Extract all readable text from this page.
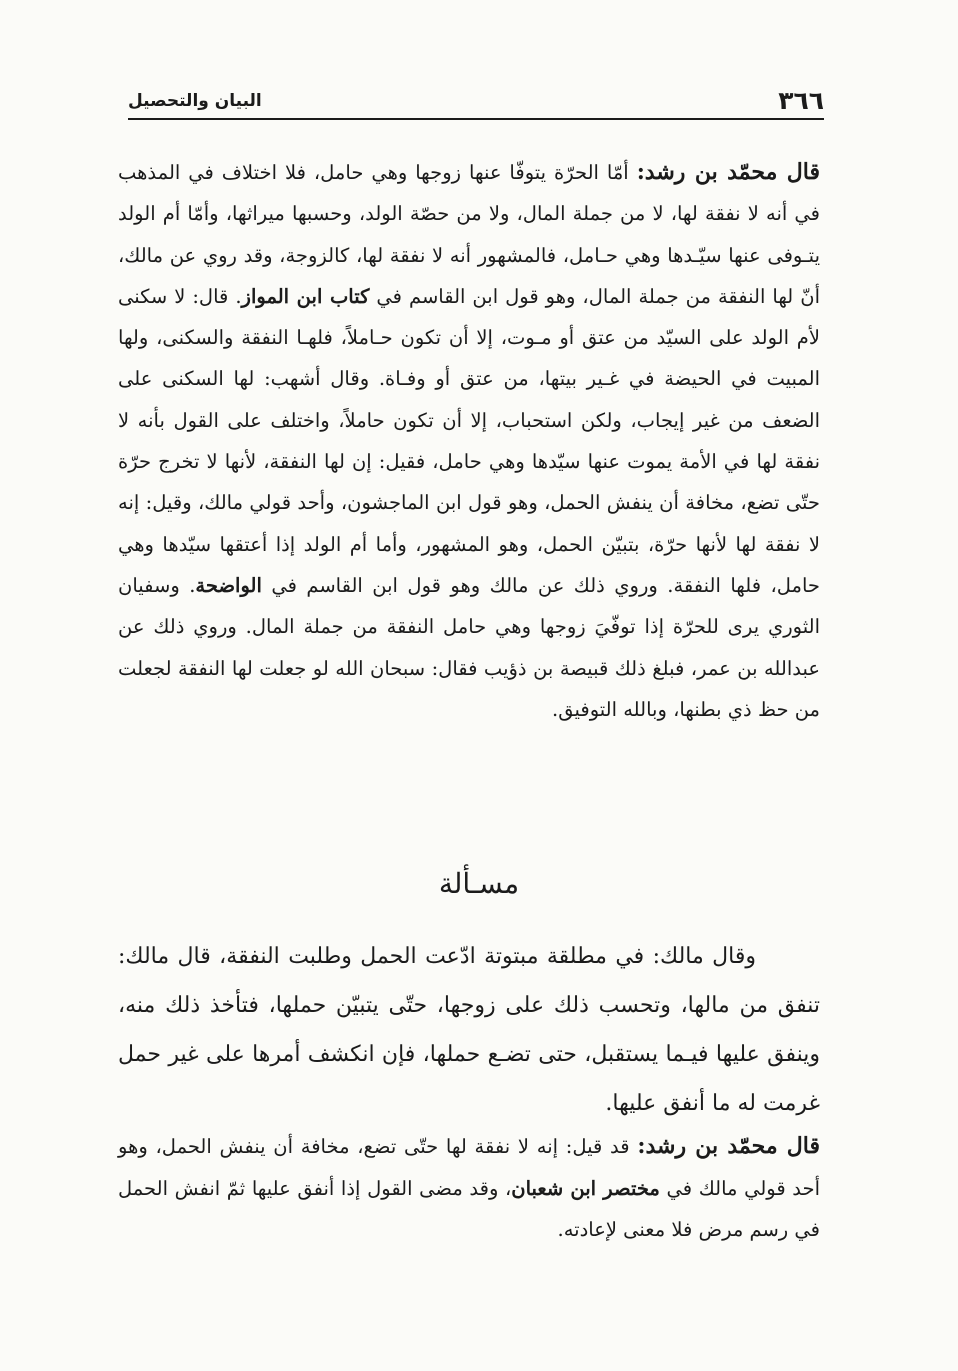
٣٦٦
البيان والتحصيل

قال محمّد بن رشد: أمّا الحرّة يتوفّا عنها زوجها وهي حامل، فلا اختلاف في المذهب في أنه لا نفقة لها، لا من جملة المال، ولا من حصّة الولد، وحسبها ميراثها، وأمّا أم الولد يتـوفى عنها سيّـدها وهي حـامل، فالمشهور أنه لا نفقة لها، كالزوجة، وقد روي عن مالك، أنّ لها النفقة من جملة المال، وهو قول ابن القاسم في كتاب ابن المواز. قال: لا سكنى لأم الولد على السيّد من عتق أو مـوت، إلا أن تكون حـاملاً، فلهـا النفقة والسكنى، ولها المبيت في الحيضة في غـير بيتها، من عتق أو وفـاة. وقال أشهب: لها السكنى على الضعف من غير إيجاب، ولكن استحباب، إلا أن تكون حاملاً، واختلف على القول بأنه لا نفقة لها في الأمة يموت عنها سيّدها وهي حامل، فقيل: إن لها النفقة، لأنها لا تخرج حرّة حتّى تضع، مخافة أن ينفش الحمل، وهو قول ابن الماجشون، وأحد قولي مالك، وقيل: إنه لا نفقة لها لأنها حرّة، بتبيّن الحمل، وهو المشهور، وأما أم الولد إذا أعتقها سيّدها وهي حامل، فلها النفقة. وروي ذلك عن مالك وهو قول ابن القاسم في الواضحة. وسفيان الثوري يرى للحرّة إذا توفّيَ زوجها وهي حامل النفقة من جملة المال. وروي ذلك عن عبدالله بن عمر، فبلغ ذلك قبيصة بن ذؤيب فقال: سبحان الله لو جعلت لها النفقة لجعلت من حظ ذي بطنها، وبالله التوفيق.

مسـألة

وقال مالك: في مطلقة مبتوتة ادّعت الحمل وطلبت النفقة، قال مالك: تنفق من مالها، وتحسب ذلك على زوجها، حتّى يتبيّن حملها، فتأخذ ذلك منه، وينفق عليها فيـما يستقبل، حتى تضـع حملها، فإن انكشف أمرها على غير حمل غرمت له ما أنفق عليها.

قال محمّد بن رشد: قد قيل: إنه لا نفقة لها حتّى تضع، مخافة أن ينفش الحمل، وهو أحد قولي مالك في مختصر ابن شعبان، وقد مضى القول إذا أنفق عليها ثمّ انفش الحمل في رسم مرض فلا معنى لإعادته.
